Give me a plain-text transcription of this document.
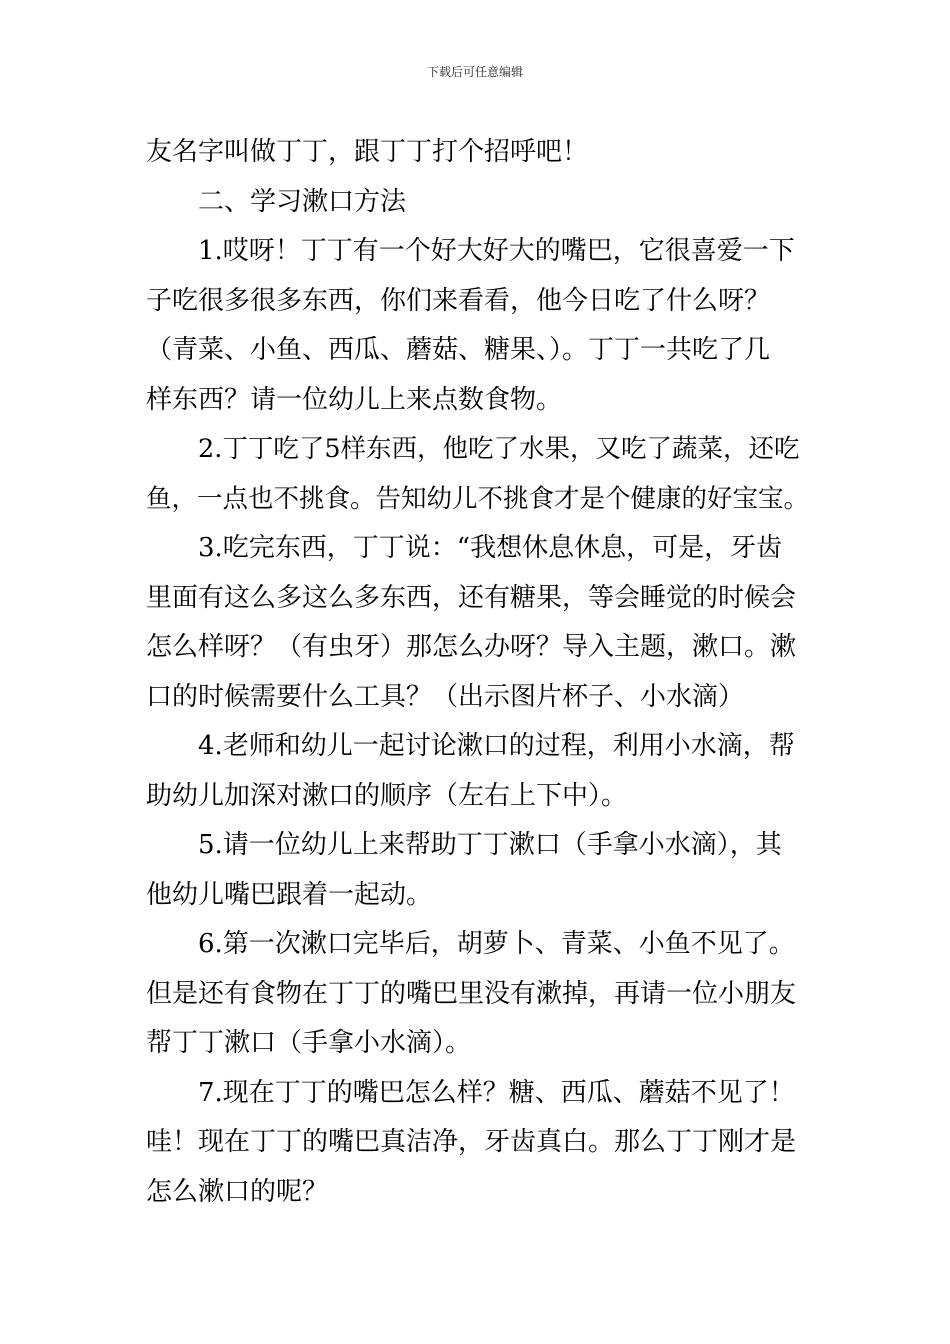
下载后可任意编辑
友名字叫做丁丁，跟丁丁打个招呼吧！
二、学习漱口方法
1.哎呀！丁丁有一个好大好大的嘴巴，它很喜爱一下
子吃很多很多东西，你们来看看，他今日吃了什么呀？
（青菜、小鱼、西瓜、蘑菇、糖果、）。丁丁一共吃了几
样东西？请一位幼儿上来点数食物。
2.丁丁吃了5样东西，他吃了水果，又吃了蔬菜，还吃
鱼，一点也不挑食。告知幼儿不挑食才是个健康的好宝宝。
3.吃完东西，丁丁说：“我想休息休息，可是，牙齿
里面有这么多这么多东西，还有糖果，等会睡觉的时候会
怎么样呀？（有虫牙）那怎么办呀？导入主题，漱口。漱
口的时候需要什么工具？（出示图片杯子、小水滴）
4.老师和幼儿一起讨论漱口的过程，利用小水滴，帮
助幼儿加深对漱口的顺序（左右上下中）。
5.请一位幼儿上来帮助丁丁漱口（手拿小水滴），其
他幼儿嘴巴跟着一起动。
6.第一次漱口完毕后，胡萝卜、青菜、小鱼不见了。
但是还有食物在丁丁的嘴巴里没有漱掉，再请一位小朋友
帮丁丁漱口（手拿小水滴）。
7.现在丁丁的嘴巴怎么样？糖、西瓜、蘑菇不见了！
哇！现在丁丁的嘴巴真洁净，牙齿真白。那么丁丁刚才是
怎么漱口的呢？
